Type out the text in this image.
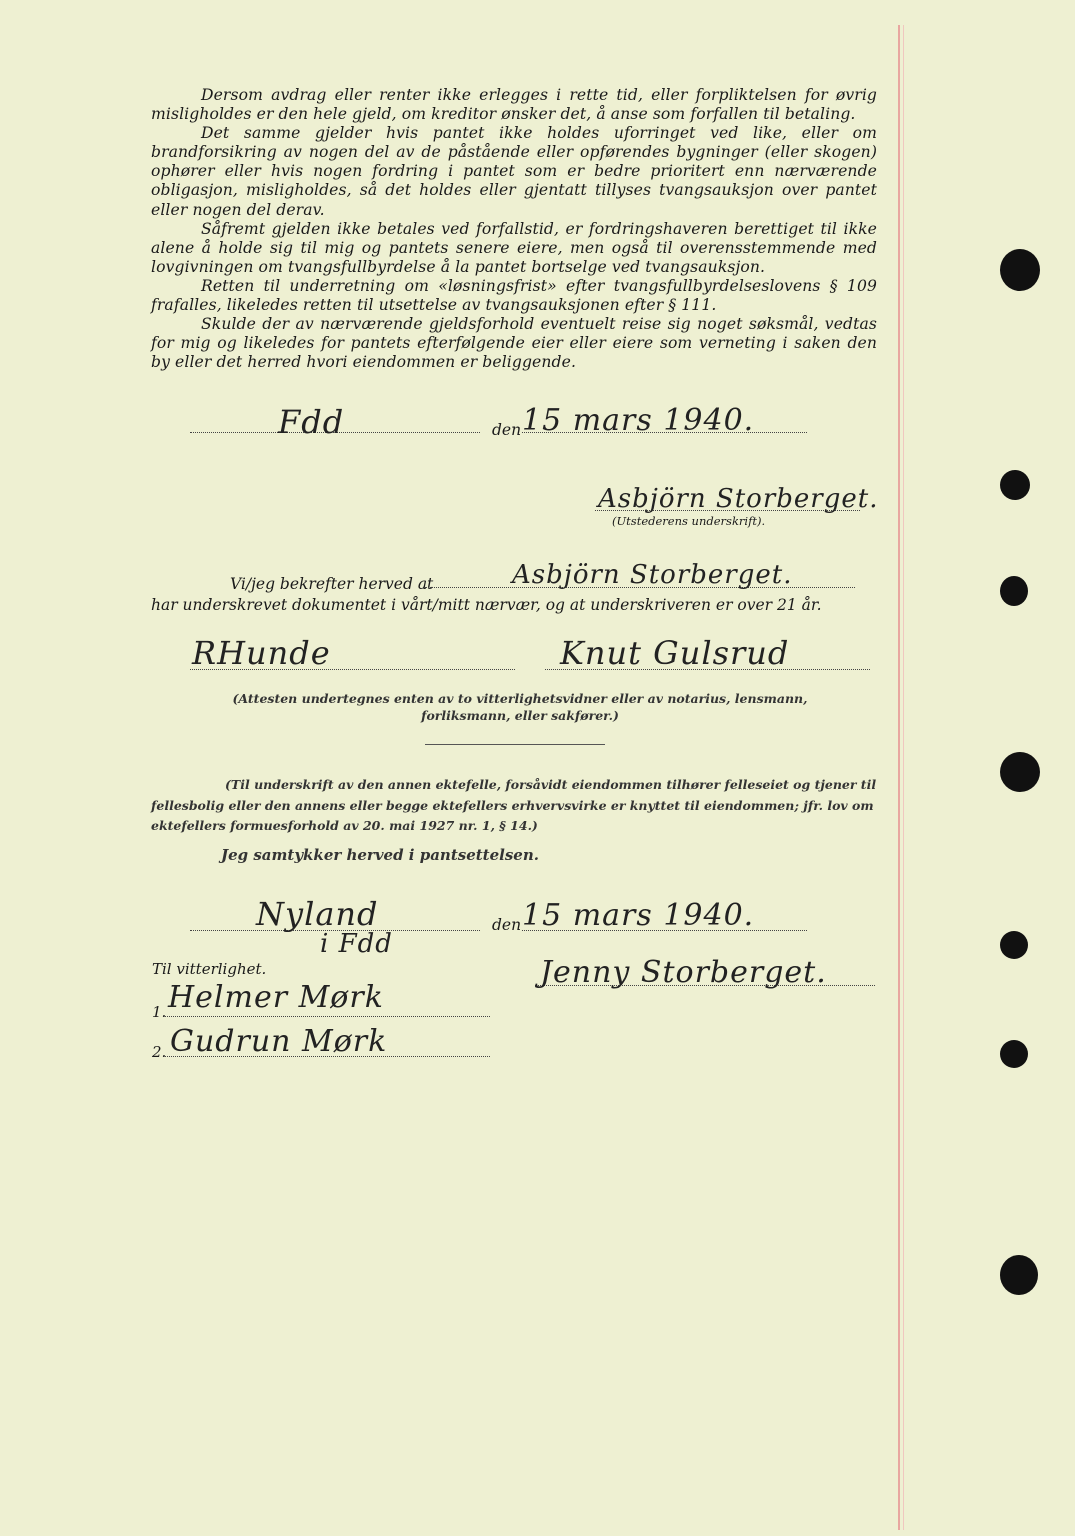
Dersom avdrag eller renter ikke erlegges i rette tid, eller forpliktelsen for øvrig misligholdes er den hele gjeld, om kreditor ønsker det, å anse som forfallen til betaling.

Det samme gjelder hvis pantet ikke holdes uforringet ved like, eller om brandforsikring av nogen del av de påstående eller opførendes bygninger (eller skogen) ophører eller hvis nogen fordring i pantet som er bedre prioritert enn nærværende obligasjon, misligholdes, så det holdes eller gjentatt tillyses tvangsauksjon over pantet eller nogen del derav.

Såfremt gjelden ikke betales ved forfallstid, er fordringshaveren berettiget til ikke alene å holde sig til mig og pantets senere eiere, men også til overensstemmende med lovgivningen om tvangsfullbyrdelse å la pantet bortselge ved tvangsauksjon.

Retten til underretning om «løsningsfrist» efter tvangsfullbyrdelseslovens § 109 frafalles, likeledes retten til utsettelse av tvangsauksjonen efter § 111.

Skulde der av nærværende gjeldsforhold eventuelt reise sig noget søksmål, vedtas for mig og likeledes for pantets efterfølgende eier eller eiere som verneting i saken den by eller det herred hvori eiendommen er beliggende.

Fdd	den 15 mars 1940.
Asbjörn Storberget.
(Utstederens underskrift).
Vi/jeg bekrefter herved at	Asbjörn Storberget.
har underskrevet dokumentet i vårt/mitt nærvær, og at underskriveren er over 21 år.
RHunde	Knut Gulsrud
(Attesten undertegnes enten av to vitterlighetsvidner eller av notarius, lensmann, forliksmann, eller sakfører.)
(Til underskrift av den annen ektefelle, forsåvidt eiendommen tilhører felleseiet og tjener til fellesbolig eller den annens eller begge ektefellers erhvervsvirke er knyttet til eiendommen; jfr. lov om ektefellers formuesforhold av 20. mai 1927 nr. 1, § 14.)
Jeg samtykker herved i pantsettelsen.
Nyland
i Fdd
den 15 mars 1940.
Til vitterlighet.
1. Helmer Mørk
2. Gudrun Mørk
Jenny Storberget.
